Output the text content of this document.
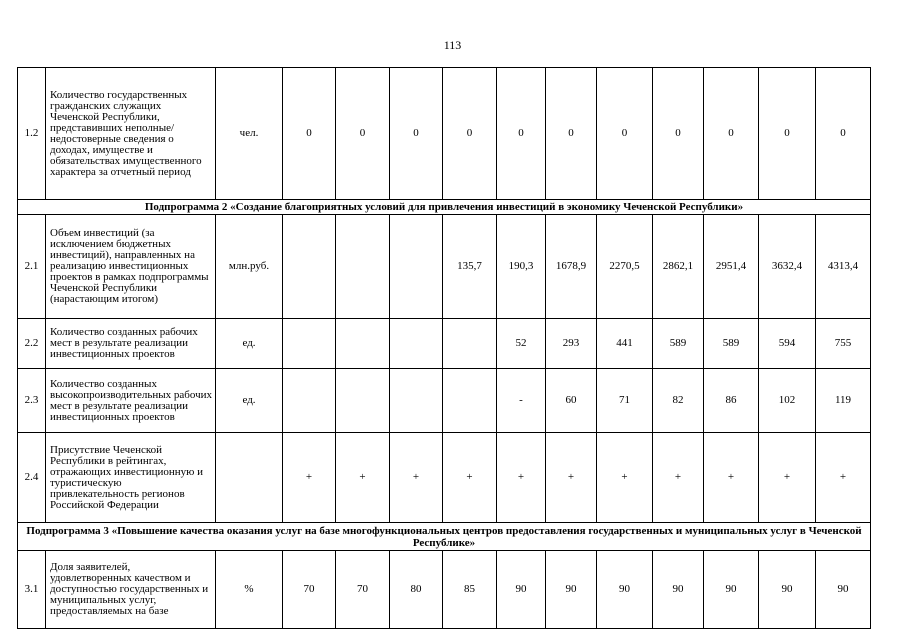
113
1.2	Количество государственных гражданских служащих Чеченской Республики, представивших неполные/недостоверные сведения о доходах, имуществе и обязательствах имущественного характера за отчетный период	чел.	0	0	0	0	0	0	0	0	0	0	0
Подпрограмма 2 «Создание благоприятных условий для привлечения инвестиций в экономику Чеченской Республики»													
2.1	Объем инвестиций (за исключением бюджетных инвестиций), направленных на реализацию инвестиционных проектов в рамках подпрограммы Чеченской Республики (нарастающим итогом)	млн.руб.				135,7	190,3	1678,9	2270,5	2862,1	2951,4	3632,4	4313,4
2.2	Количество созданных рабочих мест в результате реализации инвестиционных проектов	ед.					52	293	441	589	589	594	755
2.3	Количество созданных высокопроизводительных рабочих мест в результате реализации инвестиционных проектов	ед.					-	60	71	82	86	102	119
2.4	Присутствие Чеченской Республики в рейтингах, отражающих инвестиционную и туристическую привлекательность регионов Российской Федерации		+	+	+	+	+	+	+	+	+	+	+
Подпрограмма 3 «Повышение качества оказания услуг на базе многофункциональных центров предоставления государственных и муниципальных услуг в Чеченской Республике»													
3.1	Доля заявителей, удовлетворенных качеством и доступностью государственных и муниципальных услуг, предоставляемых на базе	%	70	70	80	85	90	90	90	90	90	90	90
